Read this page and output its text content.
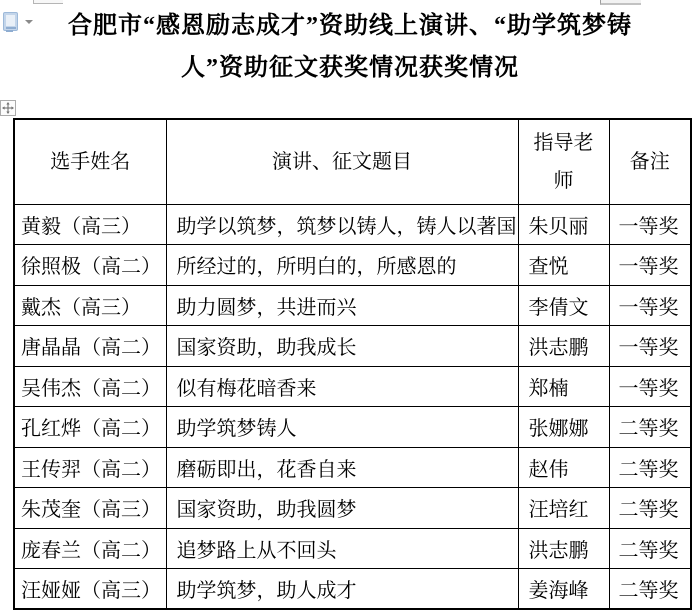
合肥市“感恩励志成才”资助线上演讲、“助学筑梦铸
人”资助征文获奖情况获奖情况
选手姓名	演讲、征文题目	指导老师	备注
黄毅（高三）	助学以筑梦，筑梦以铸人，铸人以著国	朱贝丽	一等奖
徐照极（高二）	所经过的，所明白的，所感恩的	查悦	一等奖
戴杰（高三）	助力圆梦，共进而兴	李倩文	一等奖
唐晶晶（高二）	国家资助，助我成长	洪志鹏	一等奖
吴伟杰（高二）	似有梅花暗香来	郑楠	一等奖
孔红烨（高二）	助学筑梦铸人	张娜娜	二等奖
王传羿（高二）	磨砺即出，花香自来	赵伟	二等奖
朱茂奎（高三）	国家资助，助我圆梦	汪培红	二等奖
庞春兰（高二）	追梦路上从不回头	洪志鹏	二等奖
汪娅娅（高三）	助学筑梦，助人成才	姜海峰	二等奖
